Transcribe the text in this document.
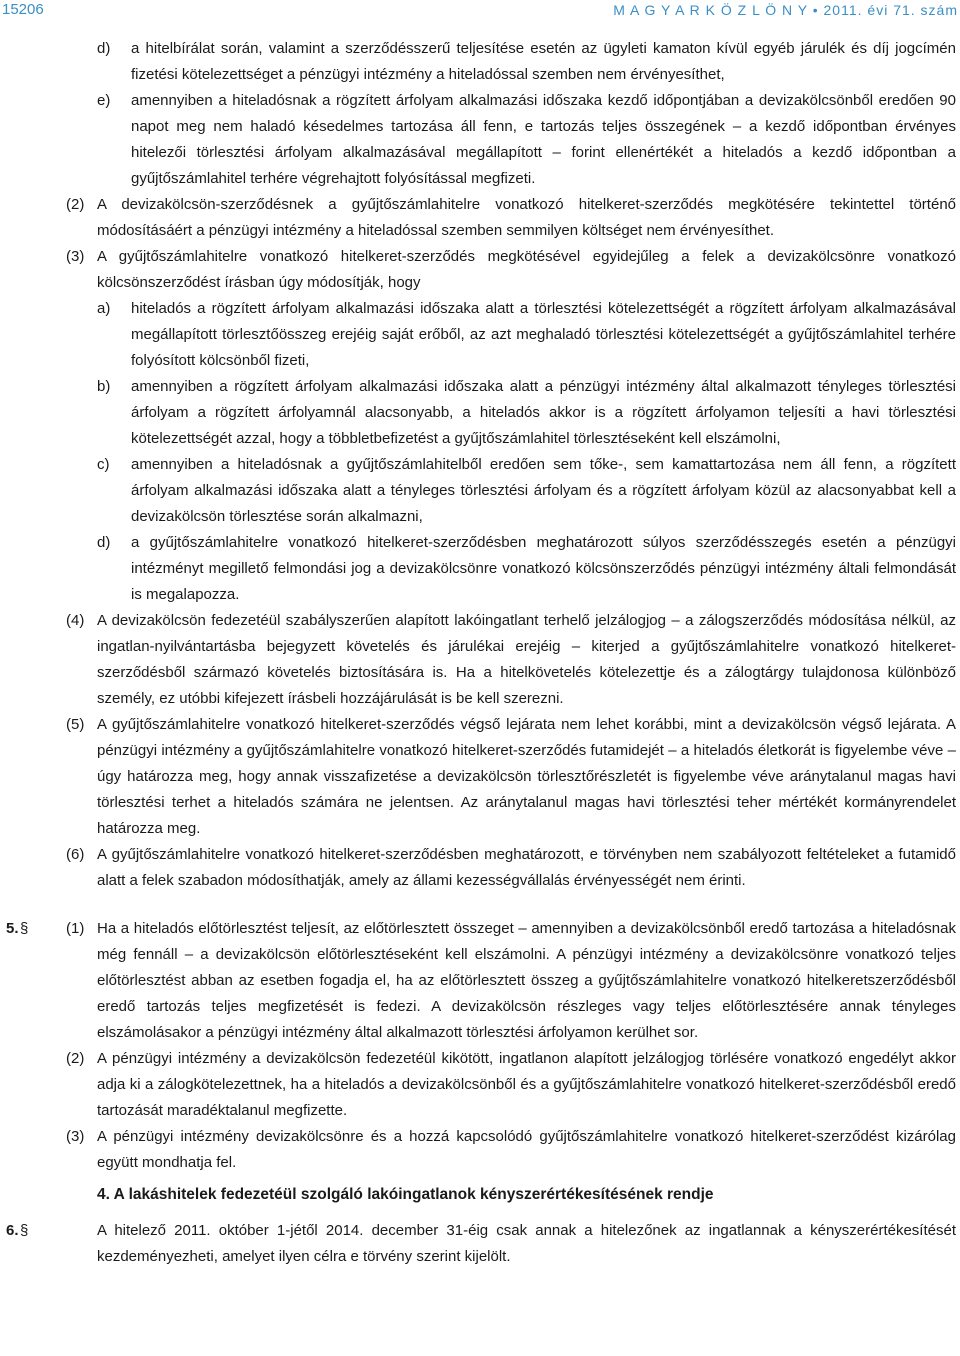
15206	M A G Y A R K Ö Z L Ö N Y • 2011. évi 71. szám
d) a hitelbírálat során, valamint a szerződésszerű teljesítése esetén az ügyleti kamaton kívül egyéb járulék és díj jogcímén fizetési kötelezettséget a pénzügyi intézmény a hiteladóssal szemben nem érvényesíthet,
e) amennyiben a hiteladósnak a rögzített árfolyam alkalmazási időszaka kezdő időpontjában a devizakölcsönből eredően 90 napot meg nem haladó késedelmes tartozása áll fenn, e tartozás teljes összegének – a kezdő időpontban érvényes hitelezői törlesztési árfolyam alkalmazásával megállapított – forint ellenértékét a hiteladós a kezdő időpontban a gyűjtőszámlahitel terhére végrehajtott folyósítással megfizeti.
(2) A devizakölcsön-szerződésnek a gyűjtőszámlahitelre vonatkozó hitelkeret-szerződés megkötésére tekintettel történő módosításáért a pénzügyi intézmény a hiteladóssal szemben semmilyen költséget nem érvényesíthet.
(3) A gyűjtőszámlahitelre vonatkozó hitelkeret-szerződés megkötésével egyidejűleg a felek a devizakölcsönre vonatkozó kölcsönszerződést írásban úgy módosítják, hogy
a) hiteladós a rögzített árfolyam alkalmazási időszaka alatt a törlesztési kötelezettségét a rögzített árfolyam alkalmazásával megállapított törlesztőösszeg erejéig saját erőből, az azt meghaladó törlesztési kötelezettségét a gyűjtőszámlahitel terhére folyósított kölcsönből fizeti,
b) amennyiben a rögzített árfolyam alkalmazási időszaka alatt a pénzügyi intézmény által alkalmazott tényleges törlesztési árfolyam a rögzített árfolyamnál alacsonyabb, a hiteladós akkor is a rögzített árfolyamon teljesíti a havi törlesztési kötelezettségét azzal, hogy a többletbefizetést a gyűjtőszámlahitel törlesztéseként kell elszámolni,
c) amennyiben a hiteladósnak a gyűjtőszámlahitelből eredően sem tőke-, sem kamattartozása nem áll fenn, a rögzített árfolyam alkalmazási időszaka alatt a tényleges törlesztési árfolyam és a rögzített árfolyam közül az alacsonyabbat kell a devizakölcsön törlesztése során alkalmazni,
d) a gyűjtőszámlahitelre vonatkozó hitelkeret-szerződésben meghatározott súlyos szerződésszegés esetén a pénzügyi intézményt megillető felmondási jog a devizakölcsönre vonatkozó kölcsönszerződés pénzügyi intézmény általi felmondását is megalapozza.
(4) A devizakölcsön fedezetéül szabályszerűen alapított lakóingatlant terhelő jelzálogjog – a zálogszerződés módosítása nélkül, az ingatlan-nyilvántartásba bejegyzett követelés és járulékai erejéig – kiterjed a gyűjtőszámlahitelre vonatkozó hitelkeret-szerződésből származó követelés biztosítására is. Ha a hitelkövetelés kötelezettje és a zálogtárgy tulajdonosa különböző személy, ez utóbbi kifejezett írásbeli hozzájárulását is be kell szerezni.
(5) A gyűjtőszámlahitelre vonatkozó hitelkeret-szerződés végső lejárata nem lehet korábbi, mint a devizakölcsön végső lejárata. A pénzügyi intézmény a gyűjtőszámlahitelre vonatkozó hitelkeret-szerződés futamidejét – a hiteladós életkorát is figyelembe véve – úgy határozza meg, hogy annak visszafizetése a devizakölcsön törlesztőrészletét is figyelembe véve aránytalanul magas havi törlesztési terhet a hiteladós számára ne jelentsen. Az aránytalanul magas havi törlesztési teher mértékét kormányrendelet határozza meg.
(6) A gyűjtőszámlahitelre vonatkozó hitelkeret-szerződésben meghatározott, e törvényben nem szabályozott feltételeket a futamidő alatt a felek szabadon módosíthatják, amely az állami kezességvállalás érvényességét nem érinti.
5. §	(1) Ha a hiteladós előtörlesztést teljesít, az előtörlesztett összeget – amennyiben a devizakölcsönből eredő tartozása a hiteladósnak még fennáll – a devizakölcsön előtörlesztéseként kell elszámolni. A pénzügyi intézmény a devizakölcsönre vonatkozó teljes előtörlesztést abban az esetben fogadja el, ha az előtörlesztett összeg a gyűjtőszámlahitelre vonatkozó hitelkeretszerződésből eredő tartozás teljes megfizetését is fedezi. A devizakölcsön részleges vagy teljes előtörlesztésére annak tényleges elszámolásakor a pénzügyi intézmény által alkalmazott törlesztési árfolyamon kerülhet sor.
(2) A pénzügyi intézmény a devizakölcsön fedezetéül kikötött, ingatlanon alapított jelzálogjog törlésére vonatkozó engedélyt akkor adja ki a zálogkötelezettnek, ha a hiteladós a devizakölcsönből és a gyűjtőszámlahitelre vonatkozó hitelkeret-szerződésből eredő tartozását maradéktalanul megfizette.
(3) A pénzügyi intézmény devizakölcsönre és a hozzá kapcsolódó gyűjtőszámlahitelre vonatkozó hitelkeret-szerződést kizárólag együtt mondhatja fel.
4. A lakáshitelek fedezetéül szolgáló lakóingatlanok kényszerértékesítésének rendje
6. §	A hitelező 2011. október 1-jétől 2014. december 31-éig csak annak a hitelezőnek az ingatlannak a kényszerértékesítését kezdeményezheti, amelyet ilyen célra e törvény szerint kijelölt.
